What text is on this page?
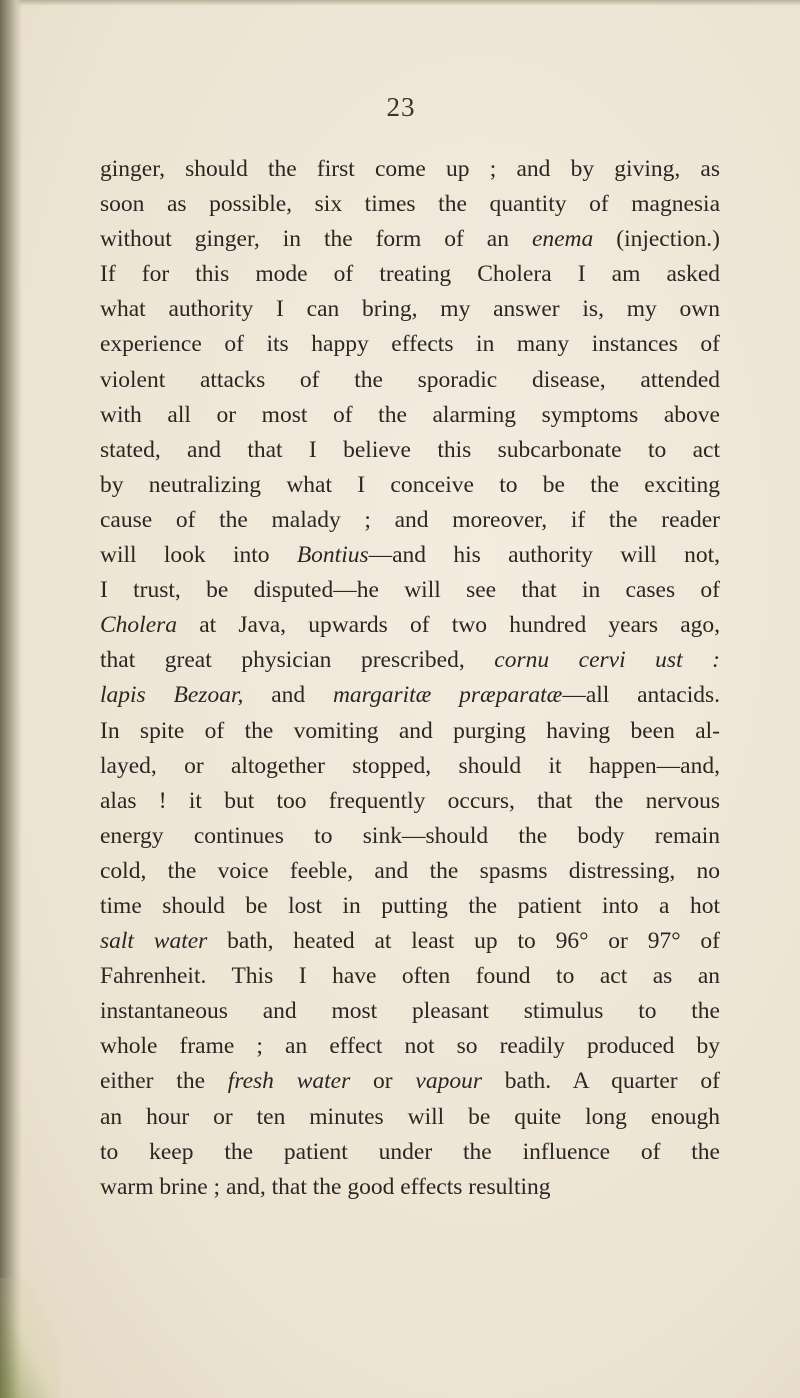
23
ginger, should the first come up ; and by giving, as
soon as possible, six times the quantity of magnesia
without ginger, in the form of an enema (injection.)
If for this mode of treating Cholera I am asked
what authority I can bring, my answer is, my own
experience of its happy effects in many instances of
violent attacks of the sporadic disease, attended
with all or most of the alarming symptoms above
stated, and that I believe this subcarbonate to act
by neutralizing what I conceive to be the exciting
cause of the malady ; and moreover, if the reader
will look into Bontius—and his authority will not,
I trust, be disputed—he will see that in cases of
Cholera at Java, upwards of two hundred years ago,
that great physician prescribed, cornu cervi ust :
lapis Bezoar, and margaritæ præparatæ—all antacids.
In spite of the vomiting and purging having been al-
layed, or altogether stopped, should it happen—and,
alas ! it but too frequently occurs, that the nervous
energy continues to sink—should the body remain
cold, the voice feeble, and the spasms distressing, no
time should be lost in putting the patient into a hot
salt water bath, heated at least up to 96° or 97° of
Fahrenheit. This I have often found to act as an
instantaneous and most pleasant stimulus to the
whole frame ; an effect not so readily produced by
either the fresh water or vapour bath. A quarter of
an hour or ten minutes will be quite long enough
to keep the patient under the influence of the
warm brine ; and, that the good effects resulting
